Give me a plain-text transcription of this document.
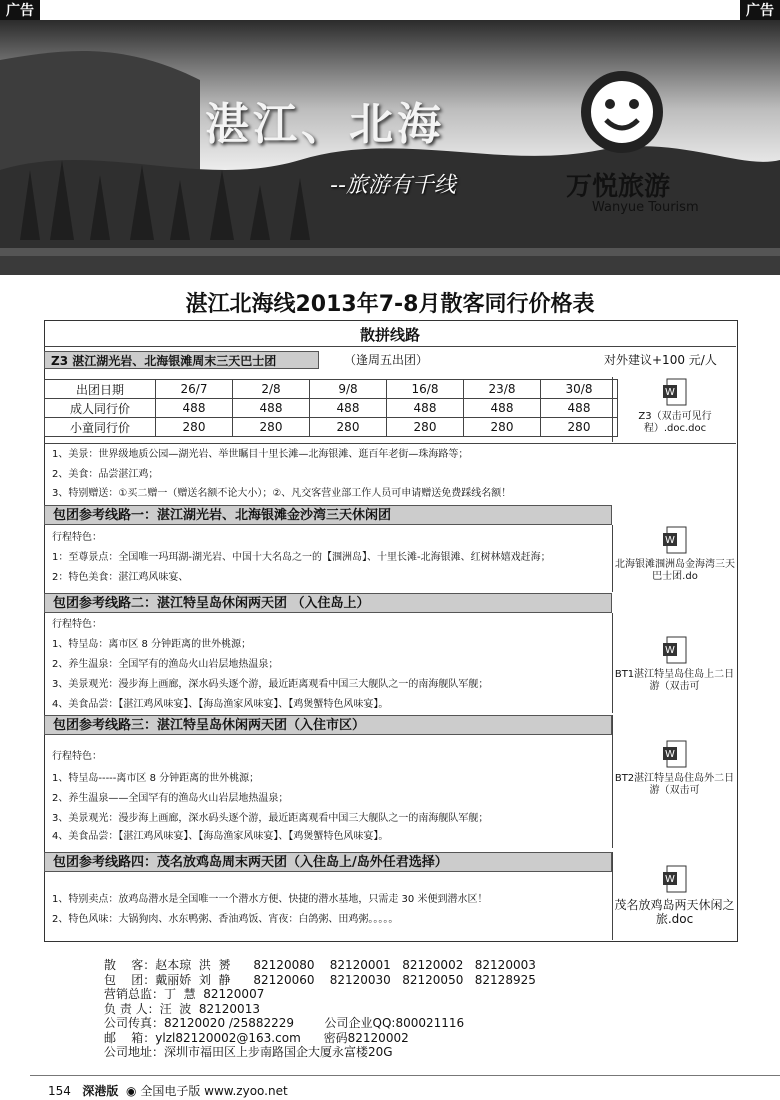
广告	广告
湛江、北海
--旅游有千线	万悦旅游
Wanyue Tourism
湛江北海线2013年7-8月散客同行价格表
散拼线路
Z3 湛江湖光岩、北海银滩周末三天巴士团	（逢周五出团）	对外建议+100 元/人
出团日期	26/7	2/8	9/8	16/8	23/8	30/8
成人同行价	488	488	488	488	488	488
小童同行价	280	280	280	280	280	280
W
Z3（双击可见行程）.doc.doc
1、美景：世界级地质公园—湖光岩、举世瞩目十里长滩—北海银滩、逛百年老街—珠海路等；
2、美食：品尝湛江鸡；
3、特别赠送：①买二赠一（赠送名额不论大小）；②、凡交客营业部工作人员可申请赠送免费踩线名额！
包团参考线路一：湛江湖光岩、北海银滩金沙湾三天休闲团
行程特色：
1：至尊景点：全国唯一玛珥湖-湖光岩、中国十大名岛之一的【涠洲岛】、十里长滩-北海银滩、红树林嬉戏赶海；
2：特色美食：湛江鸡风味宴、
W
北海银滩涠洲岛金海湾三天巴士团.do
包团参考线路二：湛江特呈岛休闲两天团 （入住岛上）
行程特色：
1、特呈岛：离市区 8 分钟距离的世外桃源；
2、养生温泉：全国罕有的渔岛火山岩层地热温泉；
3、美景观光：漫步海上画廊，深水码头逐个游，最近距离观看中国三大舰队之一的南海舰队军舰；
4、美食品尝：【湛江鸡风味宴】、【海岛渔家风味宴】、【鸡煲蟹特色风味宴】。
W
BT1湛江特呈岛住岛上二日游（双击可
包团参考线路三：湛江特呈岛休闲两天团（入住市区）
行程特色：
1、特呈岛-----离市区 8 分钟距离的世外桃源；
2、养生温泉——全国罕有的渔岛火山岩层地热温泉；
3、美景观光：漫步海上画廊，深水码头逐个游，最近距离观看中国三大舰队之一的南海舰队军舰；
4、美食品尝：【湛江鸡风味宴】、【海岛渔家风味宴】、【鸡煲蟹特色风味宴】。
W
BT2湛江特呈岛住岛外二日游（双击可
包团参考线路四：茂名放鸡岛周末两天团（入住岛上/岛外任君选择）
1、特别卖点：放鸡岛潜水是全国唯一一个潜水方便、快捷的潜水基地，只需走 30 米便到潜水区！
2、特色风味：大锅狗肉、水东鸭粥、香油鸡饭、宵夜：白鸽粥、田鸡粥。。。。。
W
茂名放鸡岛两天休闲之旅.doc
散    客：赵本琼  洪  赟      82120080    82120001   82120002   82120003
包    团：戴丽娇  刘  静      82120060    82120030   82120050   82128925
营销总监：丁  慧  82120007
负 责 人：汪  波  82120013
公司传真：82120020 /25882229        公司企业QQ:800021116
邮    箱：ylzl82120002@163.com      密码82120002
公司地址：深圳市福田区上步南路国企大厦永富楼20G
154 深港版 ◉ 全国电子版 www.zyoo.net
